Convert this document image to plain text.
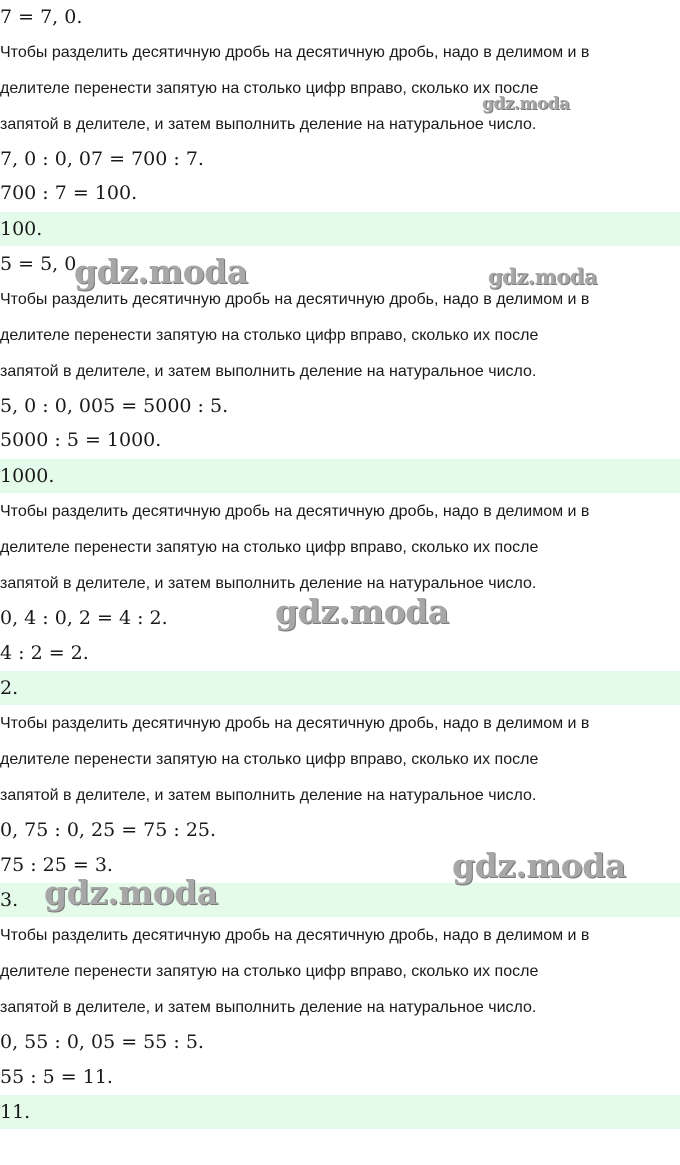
7 = 7, 0.
Чтобы разделить десятичную дробь на десятичную дробь, надо в делимом и в
делителе перенести запятую на столько цифр вправо, сколько их после
запятой в делителе, и затем выполнить деление на натуральное число.
7, 0 : 0, 07 = 700 : 7.
700 : 7 = 100.
100.
5 = 5, 0.
Чтобы разделить десятичную дробь на десятичную дробь, надо в делимом и в
делителе перенести запятую на столько цифр вправо, сколько их после
запятой в делителе, и затем выполнить деление на натуральное число.
5, 0 : 0, 005 = 5000 : 5.
5000 : 5 = 1000.
1000.
Чтобы разделить десятичную дробь на десятичную дробь, надо в делимом и в
делителе перенести запятую на столько цифр вправо, сколько их после
запятой в делителе, и затем выполнить деление на натуральное число.
0, 4 : 0, 2 = 4 : 2.
4 : 2 = 2.
2.
Чтобы разделить десятичную дробь на десятичную дробь, надо в делимом и в
делителе перенести запятую на столько цифр вправо, сколько их после
запятой в делителе, и затем выполнить деление на натуральное число.
0, 75 : 0, 25 = 75 : 25.
75 : 25 = 3.
3.
Чтобы разделить десятичную дробь на десятичную дробь, надо в делимом и в
делителе перенести запятую на столько цифр вправо, сколько их после
запятой в делителе, и затем выполнить деление на натуральное число.
0, 55 : 0, 05 = 55 : 5.
55 : 5 = 11.
11.
gdz.moda
gdz.moda	gdz.moda
gdz.moda
gdz.moda
gdz.moda
